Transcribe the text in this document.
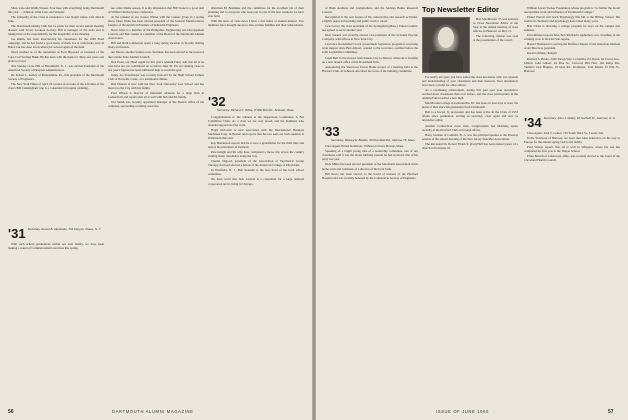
Shaw Cole and Wallis Wasser. Four here with everything being Dartmouth this year — Johnson, Alfie Cole, and Wassler.

The sympathy of the Class is extended to Carl Ralph whose wife died in June.

The Dartmouth Outing Club has its plans for their recent annual meeting dressed with Travis Lookout Society. Bill is manager of the units and is taking most of the responsibility for the hospitality at the meeting.

Joe Ruhm, has been interviewing his classmates for the 1926 Fund campaign, and he has found a good many of them. Joe is a hardware store in Baird, but has done an excellent job as head agent of the fund.

Word reached us of the retirement of Fred Hayward as treasurer of the Cape Cod Savings Bank. He has been with the bank for thirty-one years and plans to travel.

One Sunday Crass Hill of Bloomfield, N. J., was elected President of the American Society of Hospital Administrators.

Dr. Robert L. Kelley of Philadelphia, Pa., this president of the Dartmouth Society of Engineers.

The New York Times of April 20 carried an account of the activities of the class's Bill Cunningham who is a consultant in hospital planning.

'31 Secretary, Ernest B. Alexander, 734 Kenyon, Ithaca, N. Y.

With such school graduations within our own family, we have been making a round of Commencement exercises this spring.

out come Dashe season. It is my impression that Bill Stone is a good deal of Wilbur's Retired press conference.

At the reunion of our classes Winter with the Cannes group in a spring show, Dean Waite has been elected president of the General Manufacturers Chapter of the American Institute of Industrial Engineers.

Dean Jones is a member of the Hampshire Engineering and Development Council, and Bob Gaines is a member of the Board of the Dartmouth Alumni Association.

Bill and Ruth Lamberton spent a long spring vacation in Florida visiting many old friends.

Art Morse, another former town chairman, has been elected to the board of the Granite State Alumni Council.

Don Prout, our Head Agent for this year's Alumni Fund, asks that all of us who have not yet contributed do so before June 30. We are running close to last year's figures but need additional help to reach the goal.

Judge Joe Stoneberger was recently honored by the High School Fathers Club of Norwalk, Conn., at a testimonial dinner.

Bob Hanson is now with the New York University Law School and has moved to the City with his family.

Fred Wilson is director of industrial relations for a large firm in Connecticut and reports that all is well with him and his family.

Ted Smith was recently appointed manager of the Boston office of his company, succeeding a retiring associate.

chairman Ed Brummer and the committee for the excellent job of their planning and to everyone who took part in one of the best reunions we have ever held.

With the news of class news I have a few items of alumni interest. Two members have brought me up to date on their families and their whereabouts.

'32
Secretary, Richard K. White, 8 Wild Bull Rd., Scituate, Mass.

Congratulations to the winners at the Inspections Committee: A Bar Committee Chair. As a class we are very proud, and the members who attended appreciated the work.

Hugh McLaren is now associated with the International Business Machines Corp. in Boston and reports that his two sons are both students at Dartmouth this year.

Ray Henderson reports that he is now a grandfather for the third time and enjoys his retirement in Vermont.

Pete Knight and his wife have completed a motor trip across the country visiting many classmates along the way.

Charlie Osgood, president of the Association of Psychiatric Group Therapy, has been elected a fellow of the American College of Physicians.

In Westfield, N. J., Bob Poundal is the new head of the local school committee.

We have word that Jack Lawton is a consultant for a large national corporation and is living in Chicago.

56	DARTMOUTH ALUMNI MAGAZINE

of Bank Auditors and Comptrollers, and the Savings Banks Research Council.

Recognition is the new feature of his conservative and research activities, a highly respected teaching and public service career.

Jack Lowry, the class president of the Springfield (Mass.) Union Council, has agreed to serve another year.

Dick Stearns was recently elected vice-president of the Sylvania Electric Company, with offices in New York City.

Lawrence Rockefeller's local government legislative program is receiving wide support since Bob Allport, counsel to the Governor, testified before the Joint Legislative Committee.

Louis Bell Jr. has moved from Kansas City to Denver, where he is heading up a new branch office of his investment firm.

Announcing the Sherwood Forest Home project at a meeting held at the Harvard Club, Al Johnson described the work of the building committee.

'33
Secretary, Wesley H. Beattie, 90 Moorfield Rd., Melrose 76, Mass.

Class Agent, Ernest Robinson, 79 Beacon Street, Boston, Mass.

Speaking of a bright young idea of a leadership committee, one of our classmates said it was the nicest birthday present he had received: that of his party last year.

Dick Miller has been elected president of the Merchants Association in his home town and continues as a director of the local bank.

Bill Rowe has been elected to the board of trustees of the Hartford Hospital and was recently honored by the Connecticut Society of Engineers.

Top Newsletter Editor

Bob MacMorran '33 was selected as Class Newsletter Editor of the Year at the annual meeting of class officers in Hanover on May 15.

The following citation was read at the presentation of the award:

For nearly ten years you have edited the class newsletter with wit, wisdom and understanding of your classmates and their interests. Your newsletters have been a model for other editors.

As a continuing achievement, during this past year your newsletters reached more classmates than ever before, and the class participation in the Alumni Fund reached a new high.

MacMorran College in Jacksonville, Ill., has been, in four days at least, the home of Bob since his graduation from Dartmouth.

Bob is a lawyer by profession and has been active in the Class of 1933 affairs since graduation, serving as secretary, class agent and now as newsletter editor.

Another Connecticut news item, Congressman Ted Manning spoke recently at the Hartford Club on foreign affairs.

Harry Glennie of Canfield, N. J., was the principal speaker at the Tuesday session of the annual meeting of the New Jersey State Bar Association.

The Reverend Dr. Robert Tilden Y. (Ted) Hall has been named pastor of a church in Evanston, Ill.

William Jewett Tucker Foundation whose program is "to further the moral and spiritual work and influence of Dartmouth College."

Parker Parrell will teach Psychology this fall at the Hilltop School. His studies in chemistry and psychology have taken many years.

Bob Chase is directing a college program for boys on the campus this summer.

Unconfirmed reports have Bob Prichard's sophomore son, Jonathan, in the winning crew at the Dad Vail regatta.

Harold Thompson is serving the Buffalo Chapter of the American Institute of Architects as president.

Recent address changes:

Richard S. Burke, 2430 Tartan Way, Columbia; Ed Dolan, 64 Forest Ave., Milton; John Gilbert, 43 Pine St., Concord; Bill Hart, 102 Ridge Rd., Summit; Jack Hughes, 18 Glen Rd., Rochester; Tom Marsh, 55 Elm St., Hanover.

'34 Secretary, John J. Ridley, 16 Norfield St., Hanover, N. H.

Class Agent, John T. Comer, 730 South Third St., Laurel, Del.

In the Yearbook of Hanover, we learn that Anse Gartrell is on his way to Europe for the annual spring visit to his family.

Fred Wilson reports that all is well in Wheaton, where his son has completed his first year at the Thayer School.

Ernie Baruch of Lakewood, Ohio, was recently elected to the board of the Cleveland Health Council.

ISSUE OF JUNE 1960	57
